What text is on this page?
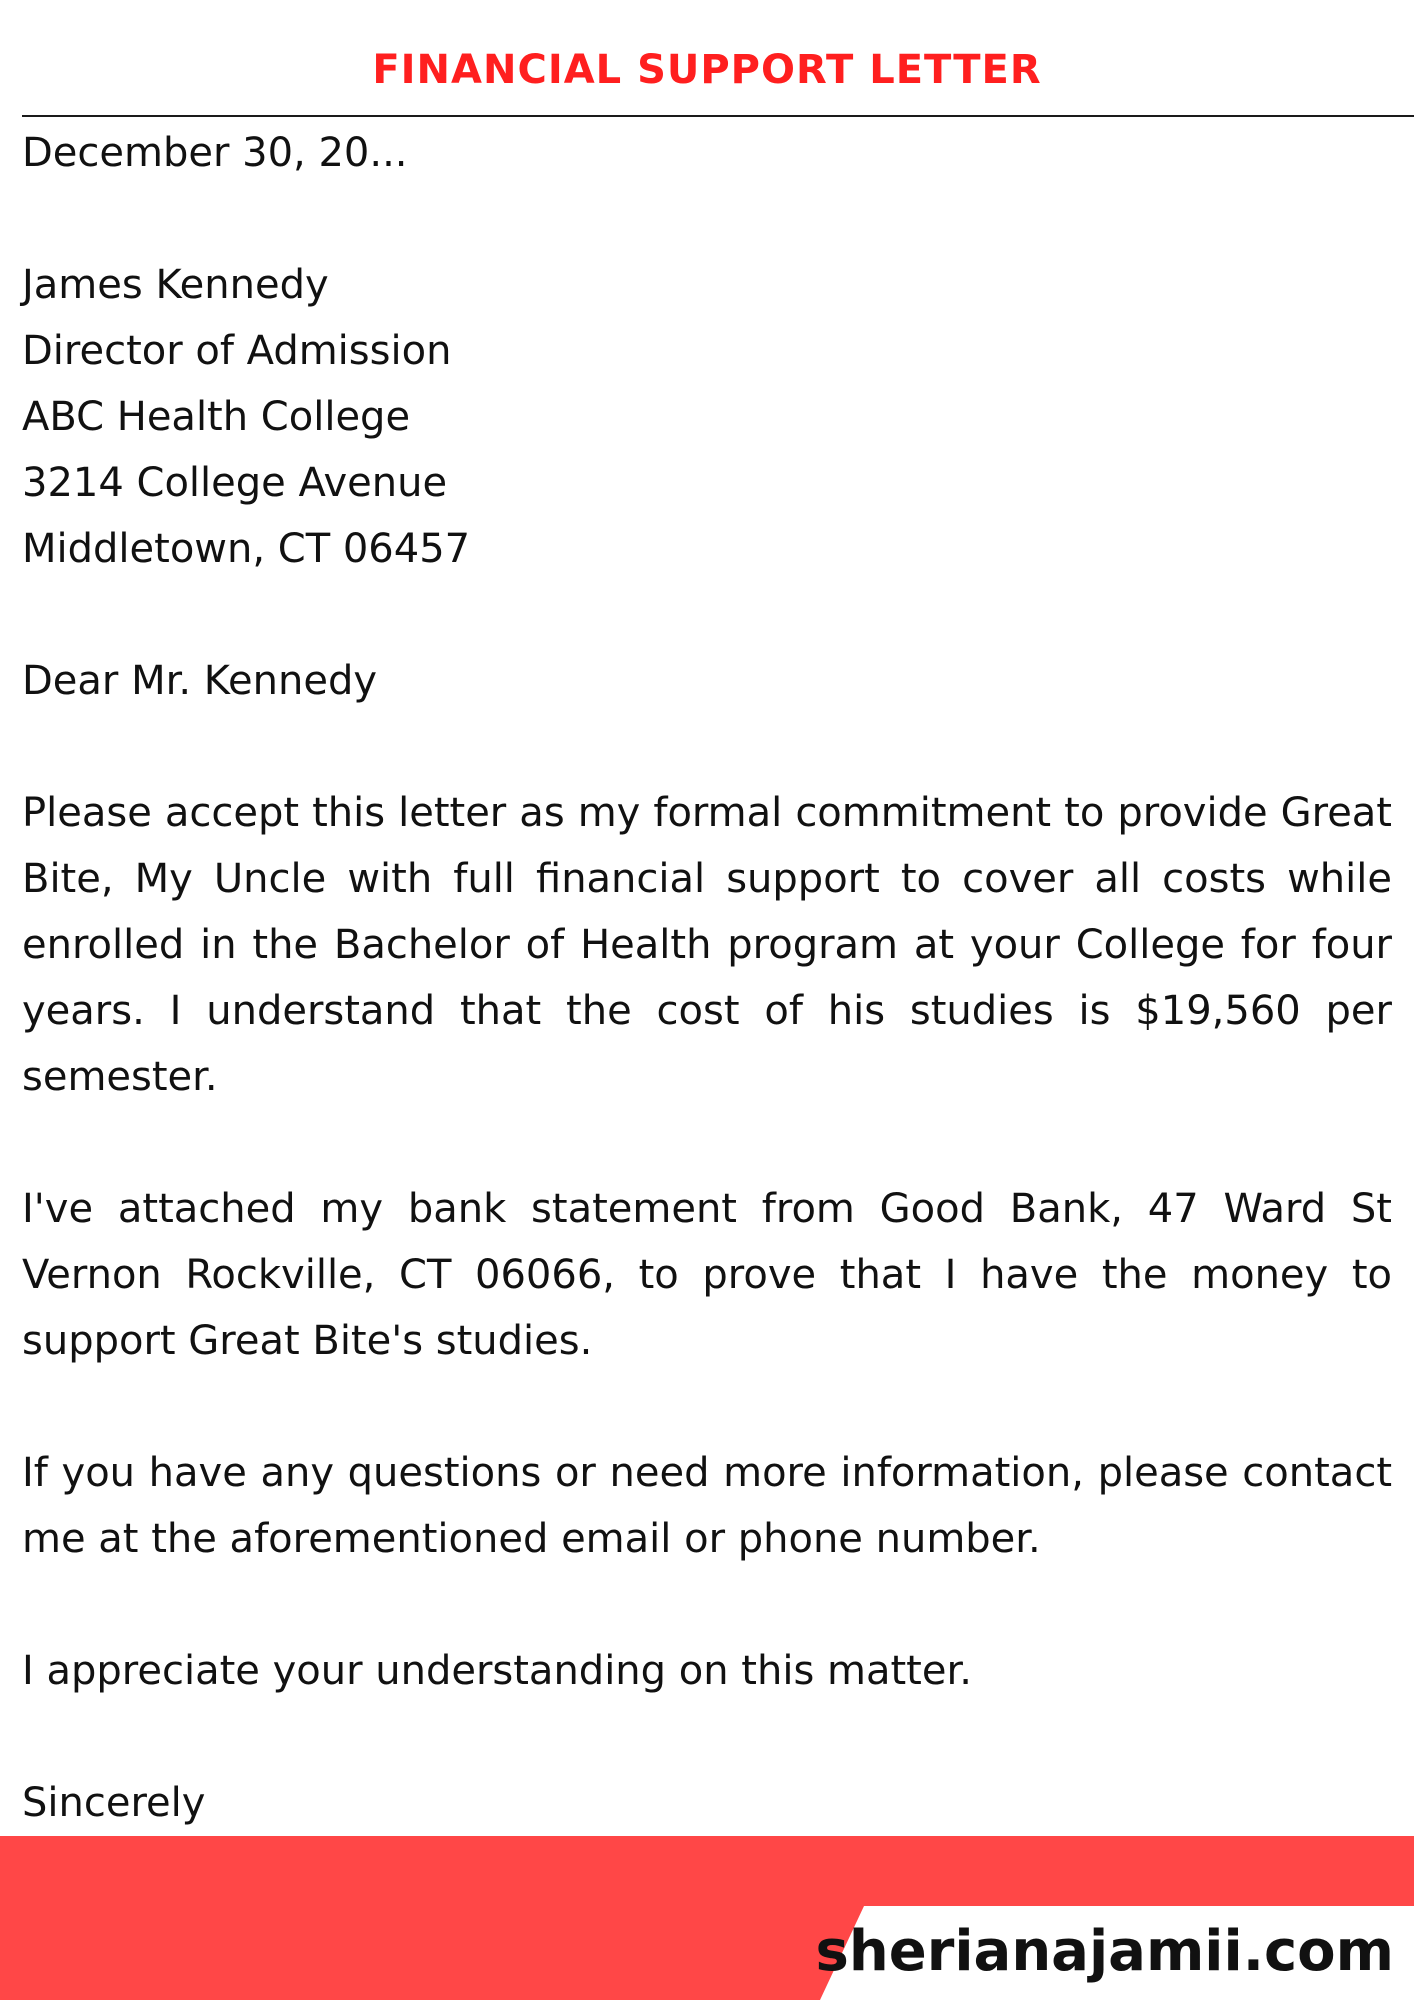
FINANCIAL SUPPORT LETTER

December 30, 20...

James Kennedy

Director of Admission

ABC Health College

3214 College Avenue

Middletown, CT 06457

Dear Mr. Kennedy

Please accept this letter as my formal commitment to provide Great Bite, My Uncle with full financial support to cover all costs while enrolled in the Bachelor of Health program at your College for four years. I understand that the cost of his studies is $19,560 per semester.

I've attached my bank statement from Good Bank, 47 Ward St Vernon Rockville, CT 06066, to prove that I have the money to support Great Bite's studies.

If you have any questions or need more information, please contact me at the aforementioned email or phone number.

I appreciate your understanding on this matter.

Sincerely

sherianajamii.com
